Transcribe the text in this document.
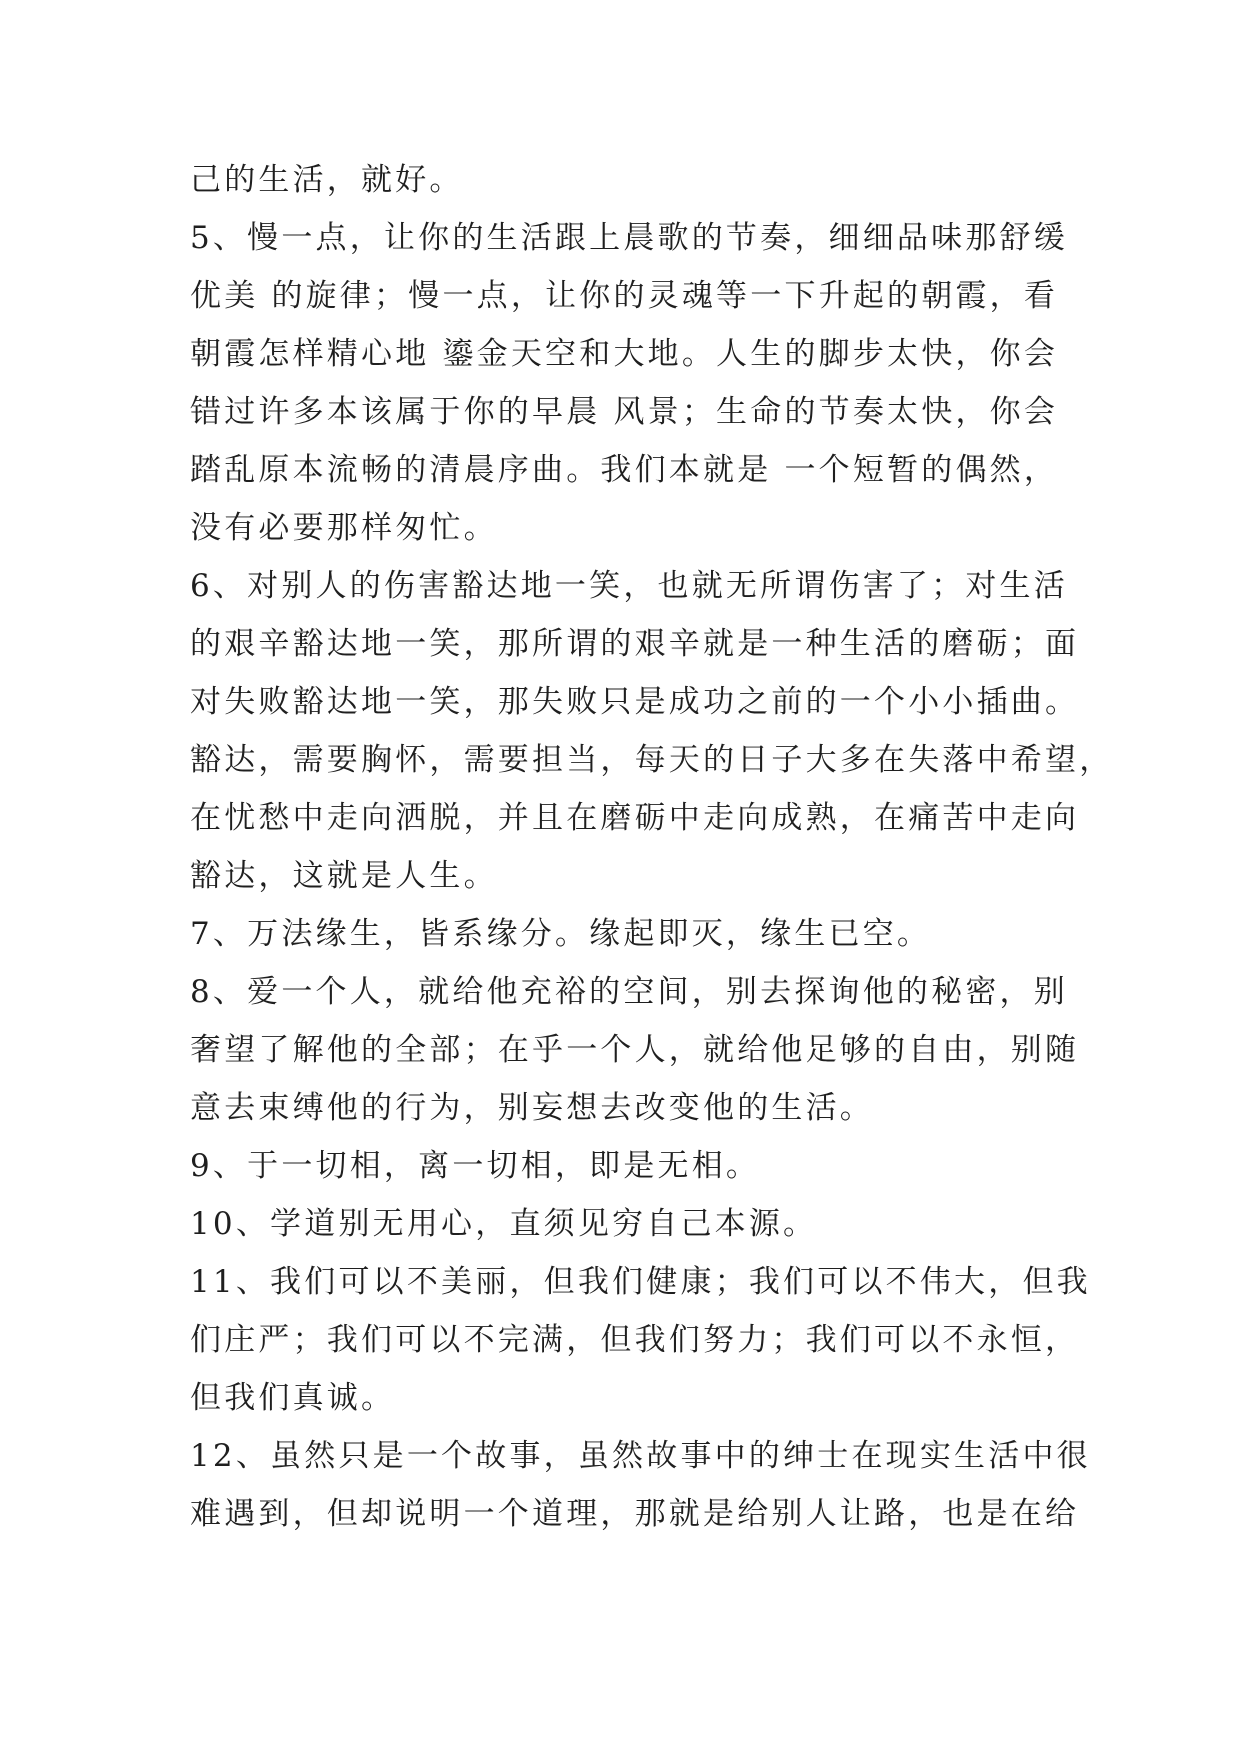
己的生活，就好。
5、慢一点，让你的生活跟上晨歌的节奏，细细品味那舒缓
优美 的旋律；慢一点，让你的灵魂等一下升起的朝霞，看
朝霞怎样精心地 鎏金天空和大地。人生的脚步太快，你会
错过许多本该属于你的早晨 风景；生命的节奏太快，你会
踏乱原本流畅的清晨序曲。我们本就是 一个短暂的偶然，
没有必要那样匆忙。
6、对别人的伤害豁达地一笑，也就无所谓伤害了；对生活
的艰辛豁达地一笑，那所谓的艰辛就是一种生活的磨砺；面
对失败豁达地一笑，那失败只是成功之前的一个小小插曲。
豁达，需要胸怀，需要担当，每天的日子大多在失落中希望，
在忧愁中走向洒脱，并且在磨砺中走向成熟，在痛苦中走向
豁达，这就是人生。
7、万法缘生，皆系缘分。缘起即灭，缘生已空。
8、爱一个人，就给他充裕的空间，别去探询他的秘密，别
奢望了解他的全部；在乎一个人，就给他足够的自由，别随
意去束缚他的行为，别妄想去改变他的生活。
9、于一切相，离一切相，即是无相。
10、学道别无用心，直须见穷自己本源。
11、我们可以不美丽，但我们健康；我们可以不伟大，但我
们庄严；我们可以不完满，但我们努力；我们可以不永恒，
但我们真诚。
12、虽然只是一个故事，虽然故事中的绅士在现实生活中很
难遇到，但却说明一个道理，那就是给别人让路，也是在给
